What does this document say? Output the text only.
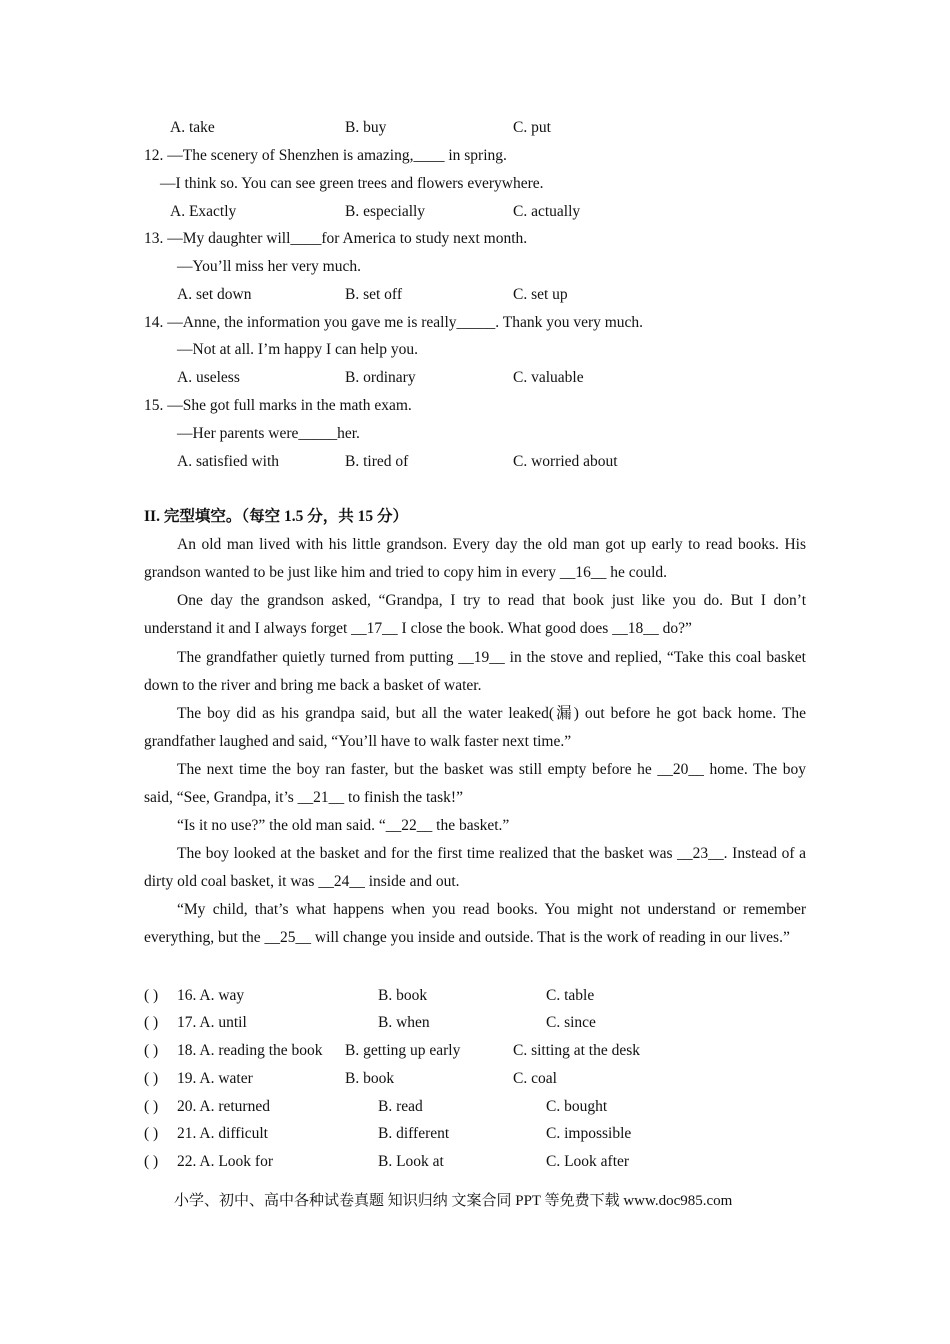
A. take	B. buy	C. put
12. —The scenery of Shenzhen is amazing,____ in spring.
—I think so. You can see green trees and flowers everywhere.
A. Exactly	B. especially	C. actually
13. —My daughter will____for America to study next month.
—You’ll miss her very much.
A. set down	B. set off	C. set up
14. —Anne, the information you gave me is really_____. Thank you very much.
—Not at all. I’m happy I can help you.
A. useless	B. ordinary	C. valuable
15. —She got full marks in the math exam.
—Her parents were_____her.
A. satisfied with	B. tired of	C. worried about
II. 完型填空。（每空 1.5 分，共 15 分）
An old man lived with his little grandson. Every day the old man got up early to read books. His grandson wanted to be just like him and tried to copy him in every __16__ he could.
One day the grandson asked, “Grandpa, I try to read that book just like you do. But I don’t understand it and I always forget __17__ I close the book. What good does __18__ do?”
The grandfather quietly turned from putting __19__ in the stove and replied, “Take this coal basket down to the river and bring me back a basket of water.
The boy did as his grandpa said, but all the water leaked(漏) out before he got back home. The grandfather laughed and said, “You’ll have to walk faster next time.”
The next time the boy ran faster, but the basket was still empty before he __20__ home. The boy said, “See, Grandpa, it’s __21__ to finish the task!”
“Is it no use?” the old man said. “__22__ the basket.”
The boy looked at the basket and for the first time realized that the basket was __23__. Instead of a dirty old coal basket, it was __24__ inside and out.
“My child, that’s what happens when you read books. You might not understand or remember everything, but the __25__ will change you inside and outside. That is the work of reading in our lives.”
( ) 16. A. way	B. book	C. table
( ) 17. A. until	B. when	C. since
( ) 18. A. reading the book B. getting up early	C. sitting at the desk
( ) 19. A. water	B. book	C. coal
( ) 20. A. returned	B. read	C. bought
( ) 21. A. difficult	B. different	C. impossible
( ) 22. A. Look for	B. Look at	C. Look after
小学、初中、高中各种试卷真题 知识归纳 文案合同 PPT 等免费下载 www.doc985.com
